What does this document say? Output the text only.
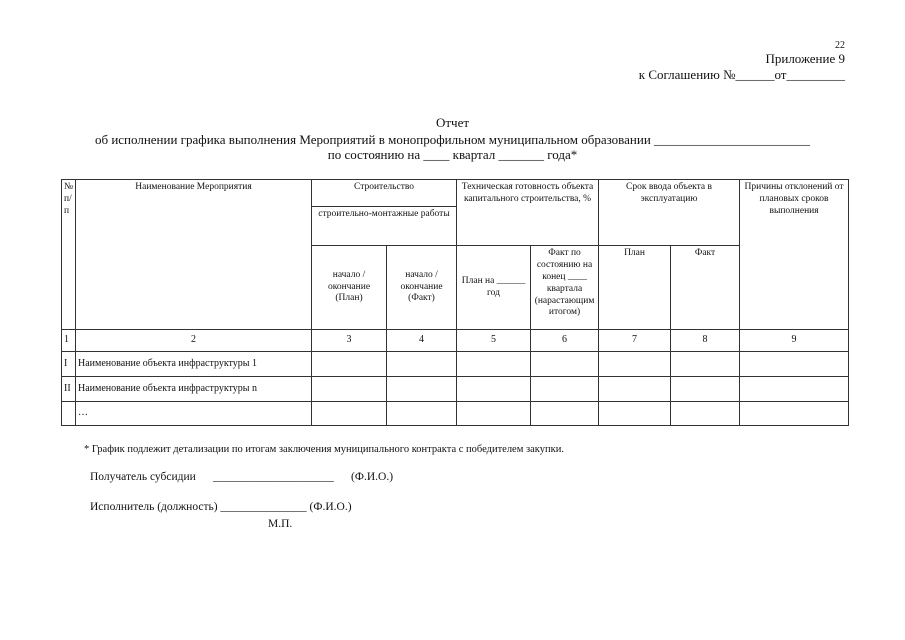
22
Приложение 9
к Соглашению №______от_________
Отчет
об исполнении графика выполнения Мероприятий в монопрофильном муниципальном образовании ________________________
по состоянию на ____ квартал _______ года*
№ п/п	Наименование Мероприятия	Строительство		Техническая готовность объекта капитального строительства, %		Срок ввода объекта в эксплуатацию		Причины отклонений от плановых сроков выполнения
		строительно-монтажные работы						
		начало / окончание (План)	начало / окончание (Факт)	План на ______ год	Факт по состоянию на конец ____ квартала (нарастающим итогом)	План	Факт	
1	2	3	4	5	6	7	8	9
I	Наименование объекта инфраструктуры 1							
II	Наименование объекта инфраструктуры n							
	…							
* График подлежит детализации по итогам заключения муниципального контракта с победителем закупки.
Получатель субсидии      _____________________      (Ф.И.О.)
Исполнитель (должность) _______________ (Ф.И.О.)
М.П.
